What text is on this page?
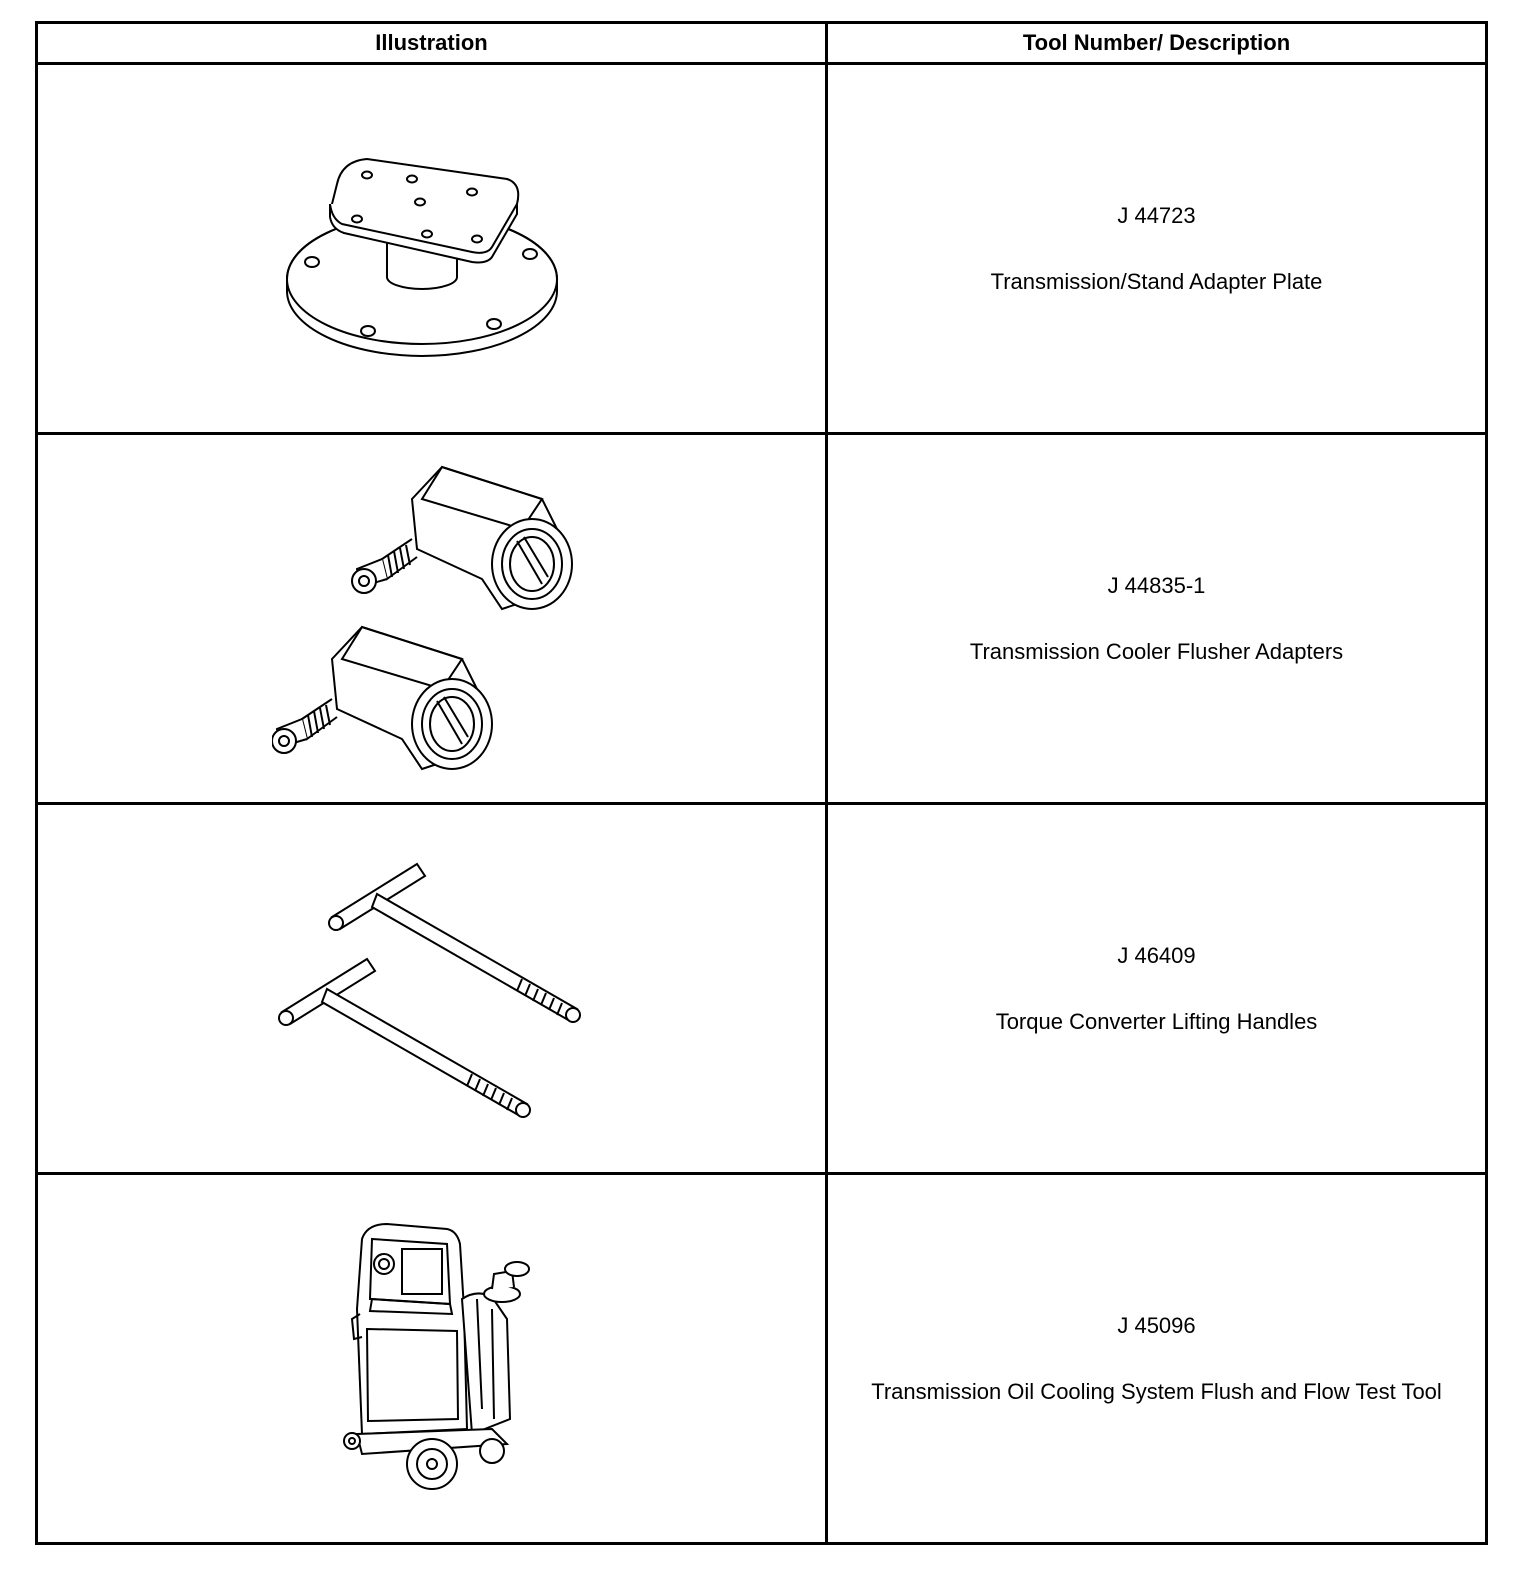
Illustration	Tool Number/ Description

J 44723
Transmission/Stand Adapter Plate

J 44835-1
Transmission Cooler Flusher Adapters

J 46409
Torque Converter Lifting Handles

J 45096
Transmission Oil Cooling System Flush and Flow Test Tool
